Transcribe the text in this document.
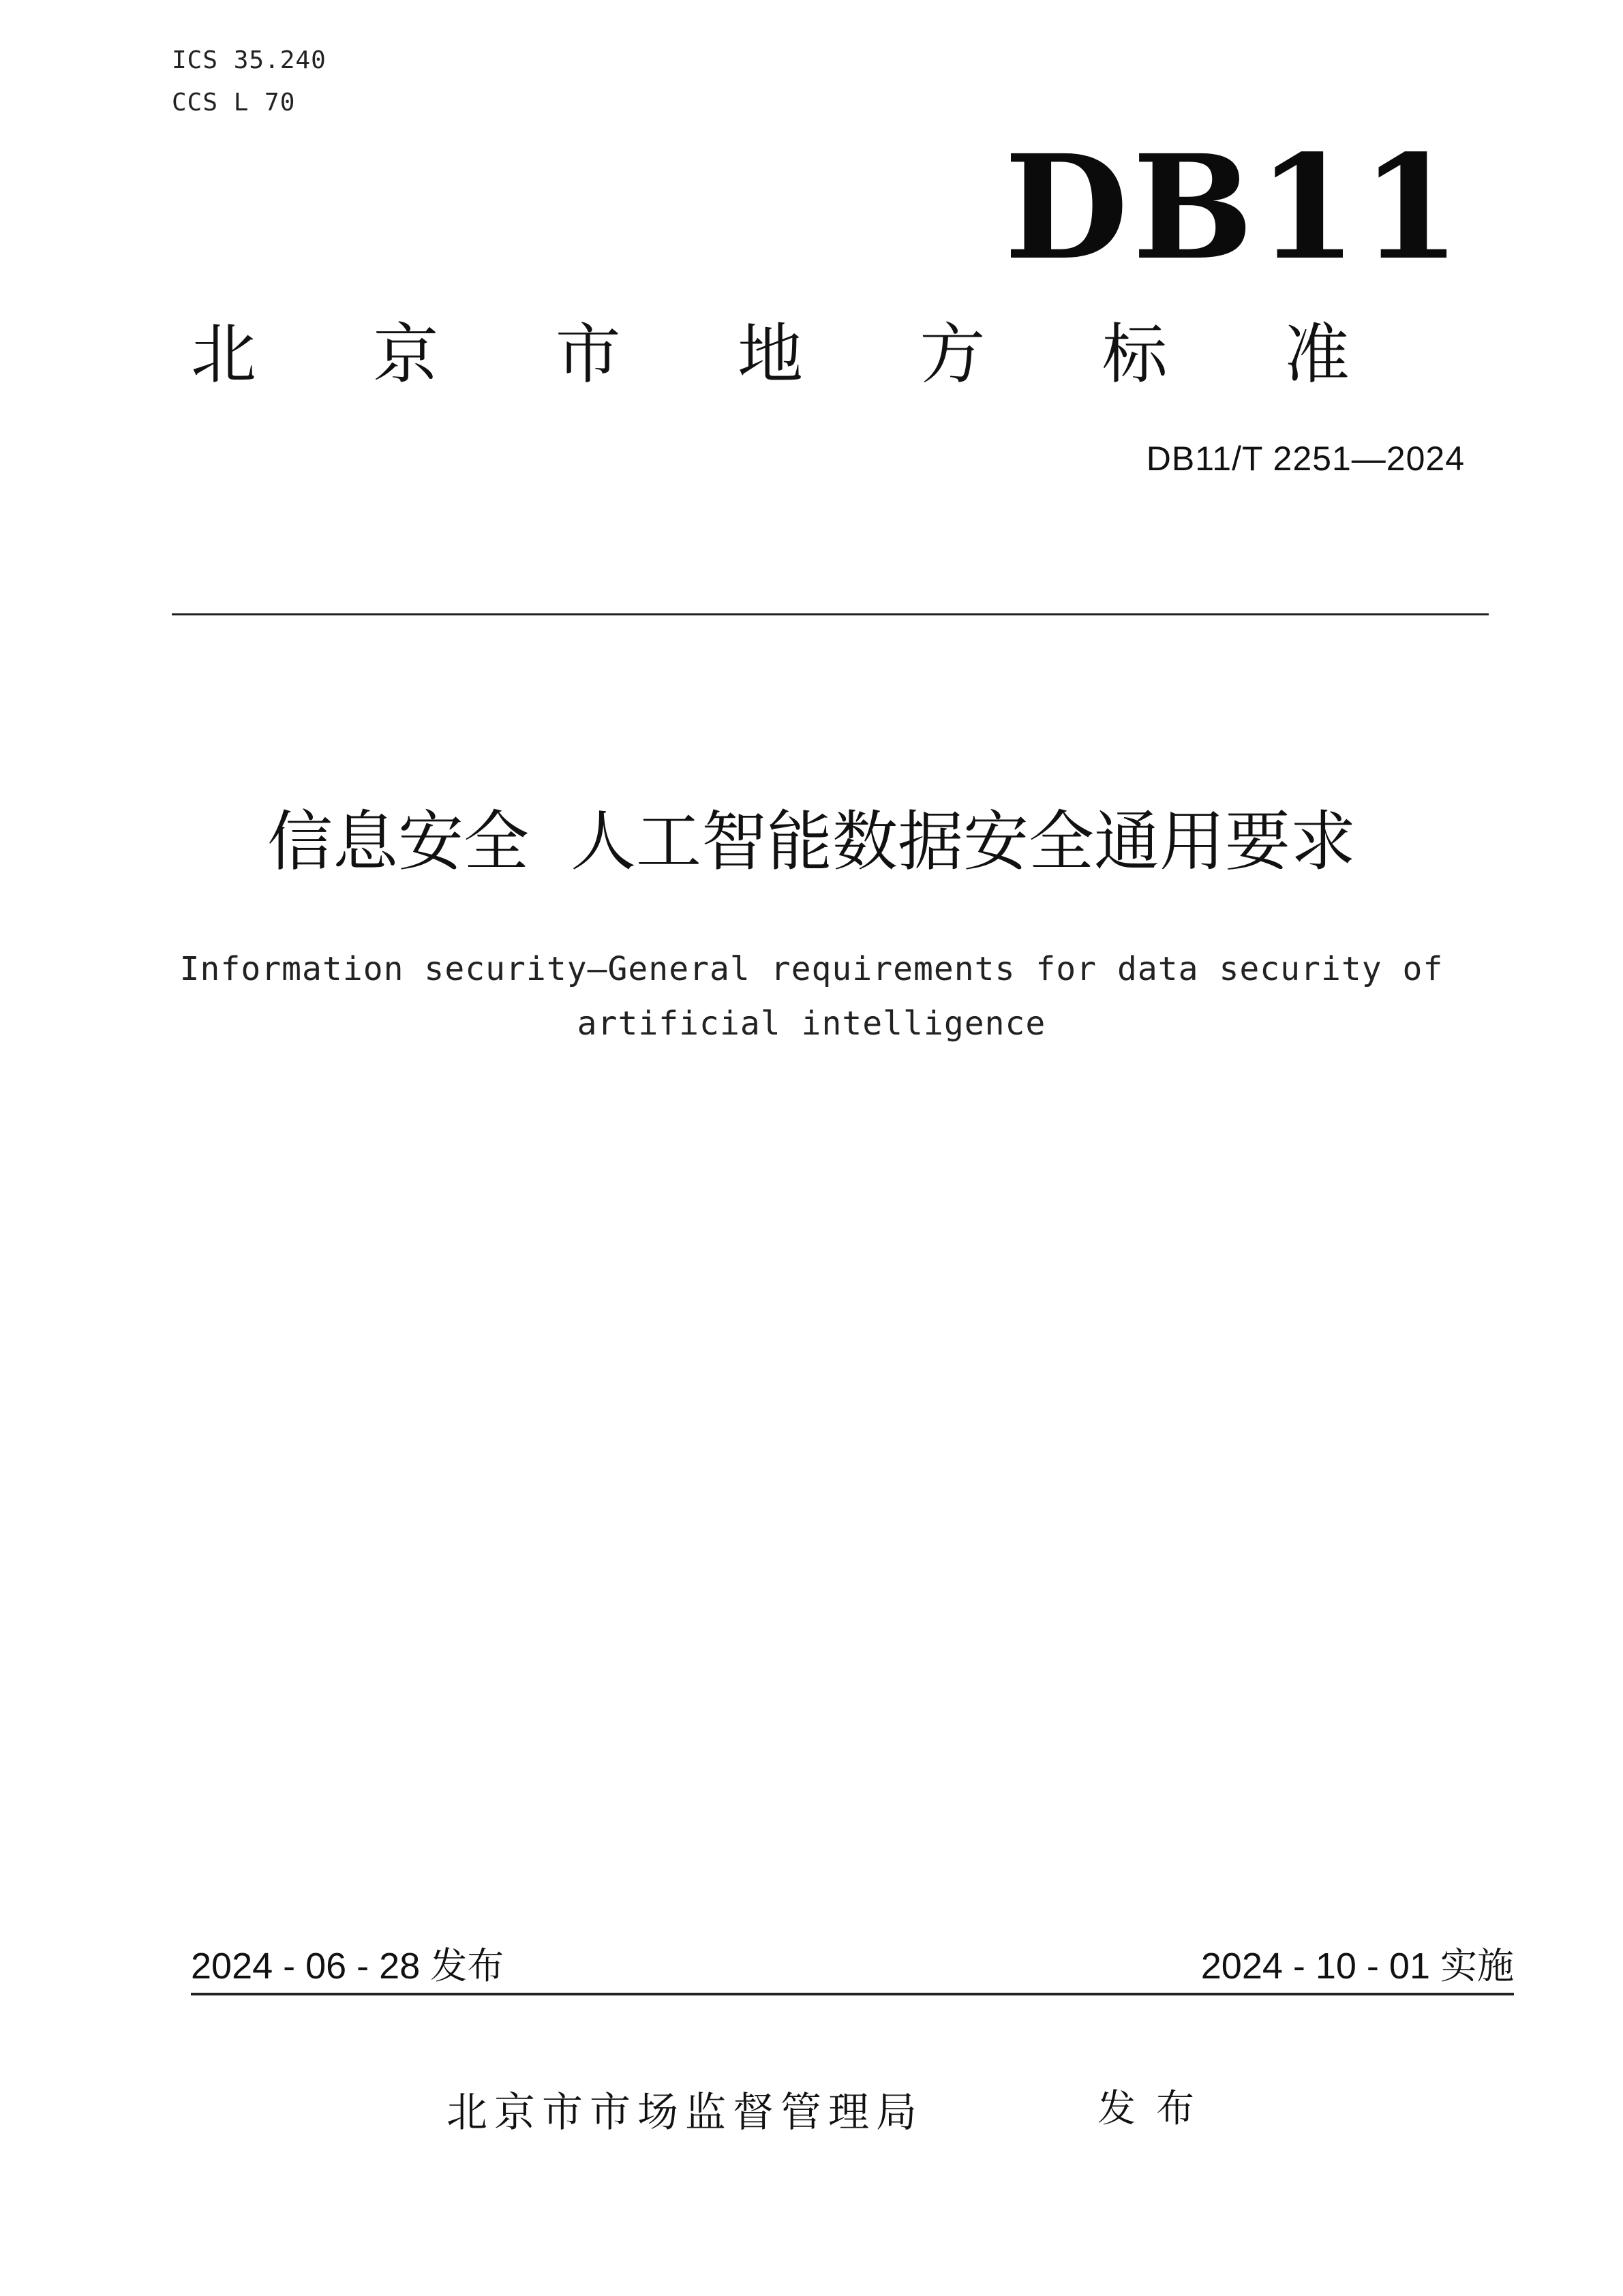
ICS 35.240
CCS L 70
DB11
北 京 市 地 方 标 准
DB11/T 2251—2024
信息安全  人工智能数据安全通用要求
Information security—General requirements for data security of
artificial intelligence
2024 - 06 - 28 发布	2024 - 10 - 01 实施
北京市市场监督管理局	发布
